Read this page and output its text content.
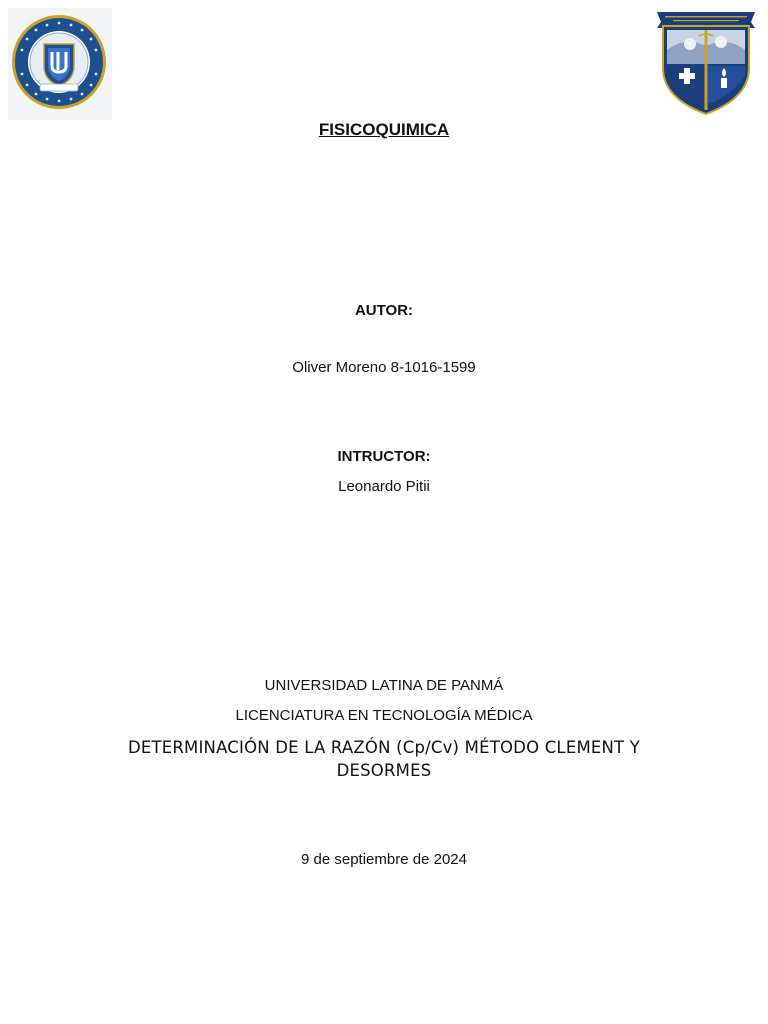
FISICOQUIMICA
AUTOR:
Oliver Moreno 8-1016-1599
INTRUCTOR:
Leonardo Pitii
UNIVERSIDAD LATINA DE PANMÁ
LICENCIATURA EN TECNOLOGÍA MÉDICA
DETERMINACIÓN DE LA RAZÓN (Cp/Cv) MÉTODO CLEMENT Y DESORMES
9 de septiembre de 2024
